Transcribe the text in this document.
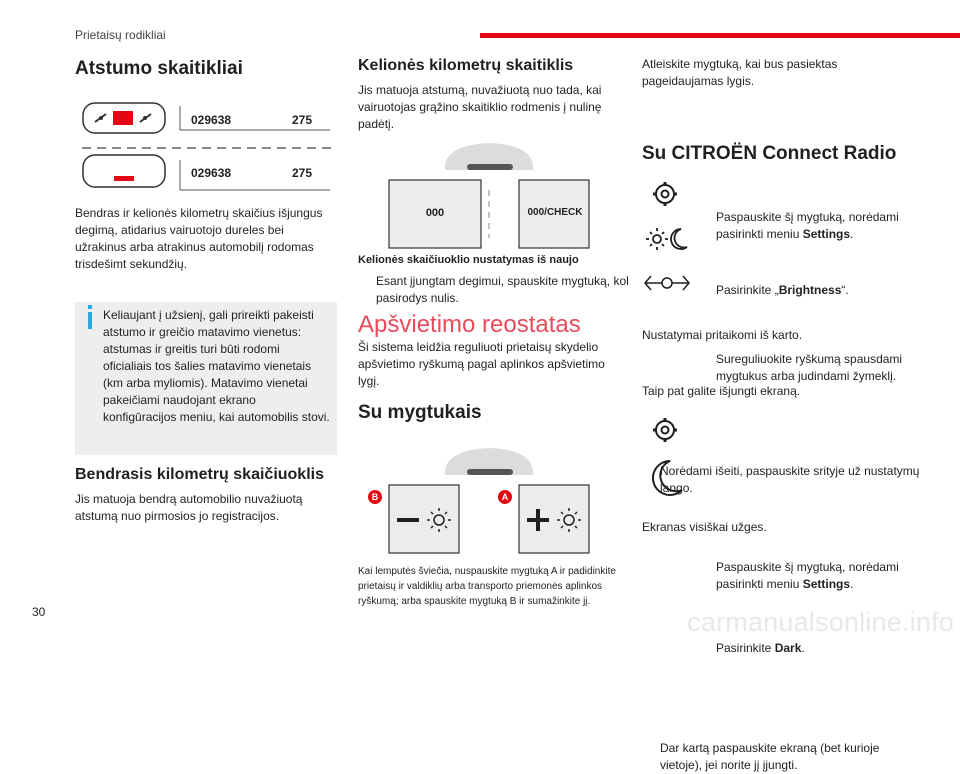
Prietaisų rodikliai
Atstumo skaitikliai
029638	275
029638	275

Bendras ir kelionės kilometrų skaičius išjungus degimą, atidarius vairuotojo dureles bei užrakinus arba atrakinus automobilį rodomas trisdešimt sekundžių.

Keliaujant į užsienį, gali prireikti pakeisti atstumo ir greičio matavimo vienetus: atstumas ir greitis turi būti rodomi oficialiais tos šalies matavimo vienetais (km arba myliomis). Matavimo vienetai pakeičiami naudojant ekrano konfigūracijos meniu, kai automobilis stovi.

Bendrasis kilometrų skaičiuoklis

Jis matuoja bendrą automobilio nuvažiuotą atstumą nuo pirmosios jo registracijos.

Kelionės kilometrų skaitiklis

Jis matuoja atstumą, nuvažiuotą nuo tada, kai vairuotojas grąžino skaitiklio rodmenis į nulinę padėtį.

000	000/CHECK
Kelionės skaičiuoklio nustatymas iš naujo
Esant įjungtam degimui, spauskite mygtuką, kol pasirodys nulis.
Apšvietimo reostatas

Ši sistema leidžia reguliuoti prietaisų skydelio apšvietimo ryškumą pagal aplinkos apšvietimo lygį.

Su mygtukais
B	A

Kai lemputės šviečia, nuspauskite mygtuką A ir padidinkite prietaisų ir valdiklių arba transporto priemonės aplinkos ryškumą; arba spauskite mygtuką B ir sumažinkite jį.

Atleiskite mygtuką, kai bus pasiektas pageidaujamas lygis.

Su CITROËN Connect Radio
Paspauskite šį mygtuką, norėdami pasirinkti meniu Settings.
Pasirinkite „Brightness“.
Sureguliuokite ryškumą spausdami mygtukus arba judindami žymeklį.

Nustatymai pritaikomi iš karto.

Norėdami išeiti, paspauskite srityje už nustatymų lango.

Taip pat galite išjungti ekraną.

Paspauskite šį mygtuką, norėdami pasirinkti meniu Settings.
Pasirinkite Dark.

Ekranas visiškai užges.

Dar kartą paspauskite ekraną (bet kurioje vietoje), jei norite jį įjungti.
30	carmanualsonline.info
